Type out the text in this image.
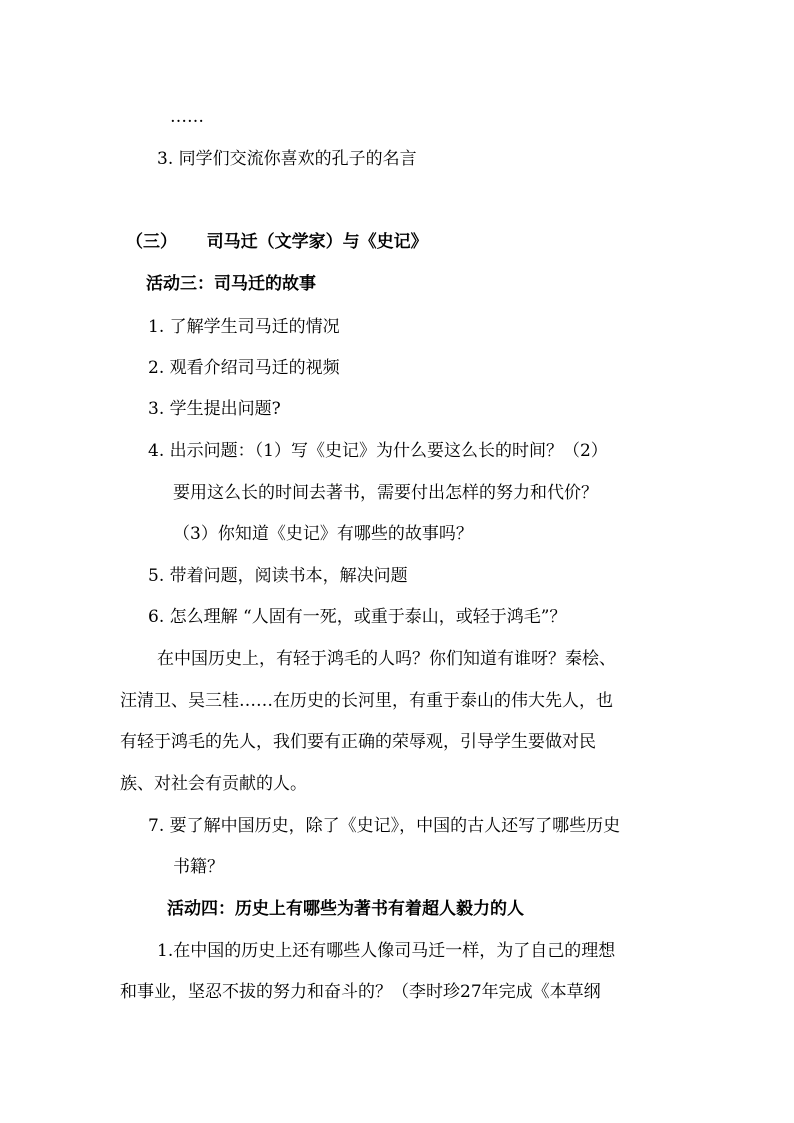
……
3. 同学们交流你喜欢的孔子的名言
（三）     司马迁（文学家）与《史记》
活动三：司马迁的故事
1. 了解学生司马迁的情况
2. 观看介绍司马迁的视频
3. 学生提出问题?
4. 出示问题：（1）写《史记》为什么要这么长的时间？（2）
要用这么长的时间去著书，需要付出怎样的努力和代价？
（3）你知道《史记》有哪些的故事吗？
5. 带着问题，阅读书本，解决问题
6. 怎么理解 “人固有一死，或重于泰山，或轻于鸿毛”？
在中国历史上，有轻于鸿毛的人吗？你们知道有谁呀？秦桧、
汪清卫、吴三桂……在历史的长河里，有重于泰山的伟大先人，也
有轻于鸿毛的先人，我们要有正确的荣辱观，引导学生要做对民
族、对社会有贡献的人。
7. 要了解中国历史，除了《史记》，中国的古人还写了哪些历史
书籍？
活动四：历史上有哪些为著书有着超人毅力的人
1.在中国的历史上还有哪些人像司马迁一样，为了自己的理想
和事业，坚忍不拔的努力和奋斗的？（李时珍27年完成《本草纲
